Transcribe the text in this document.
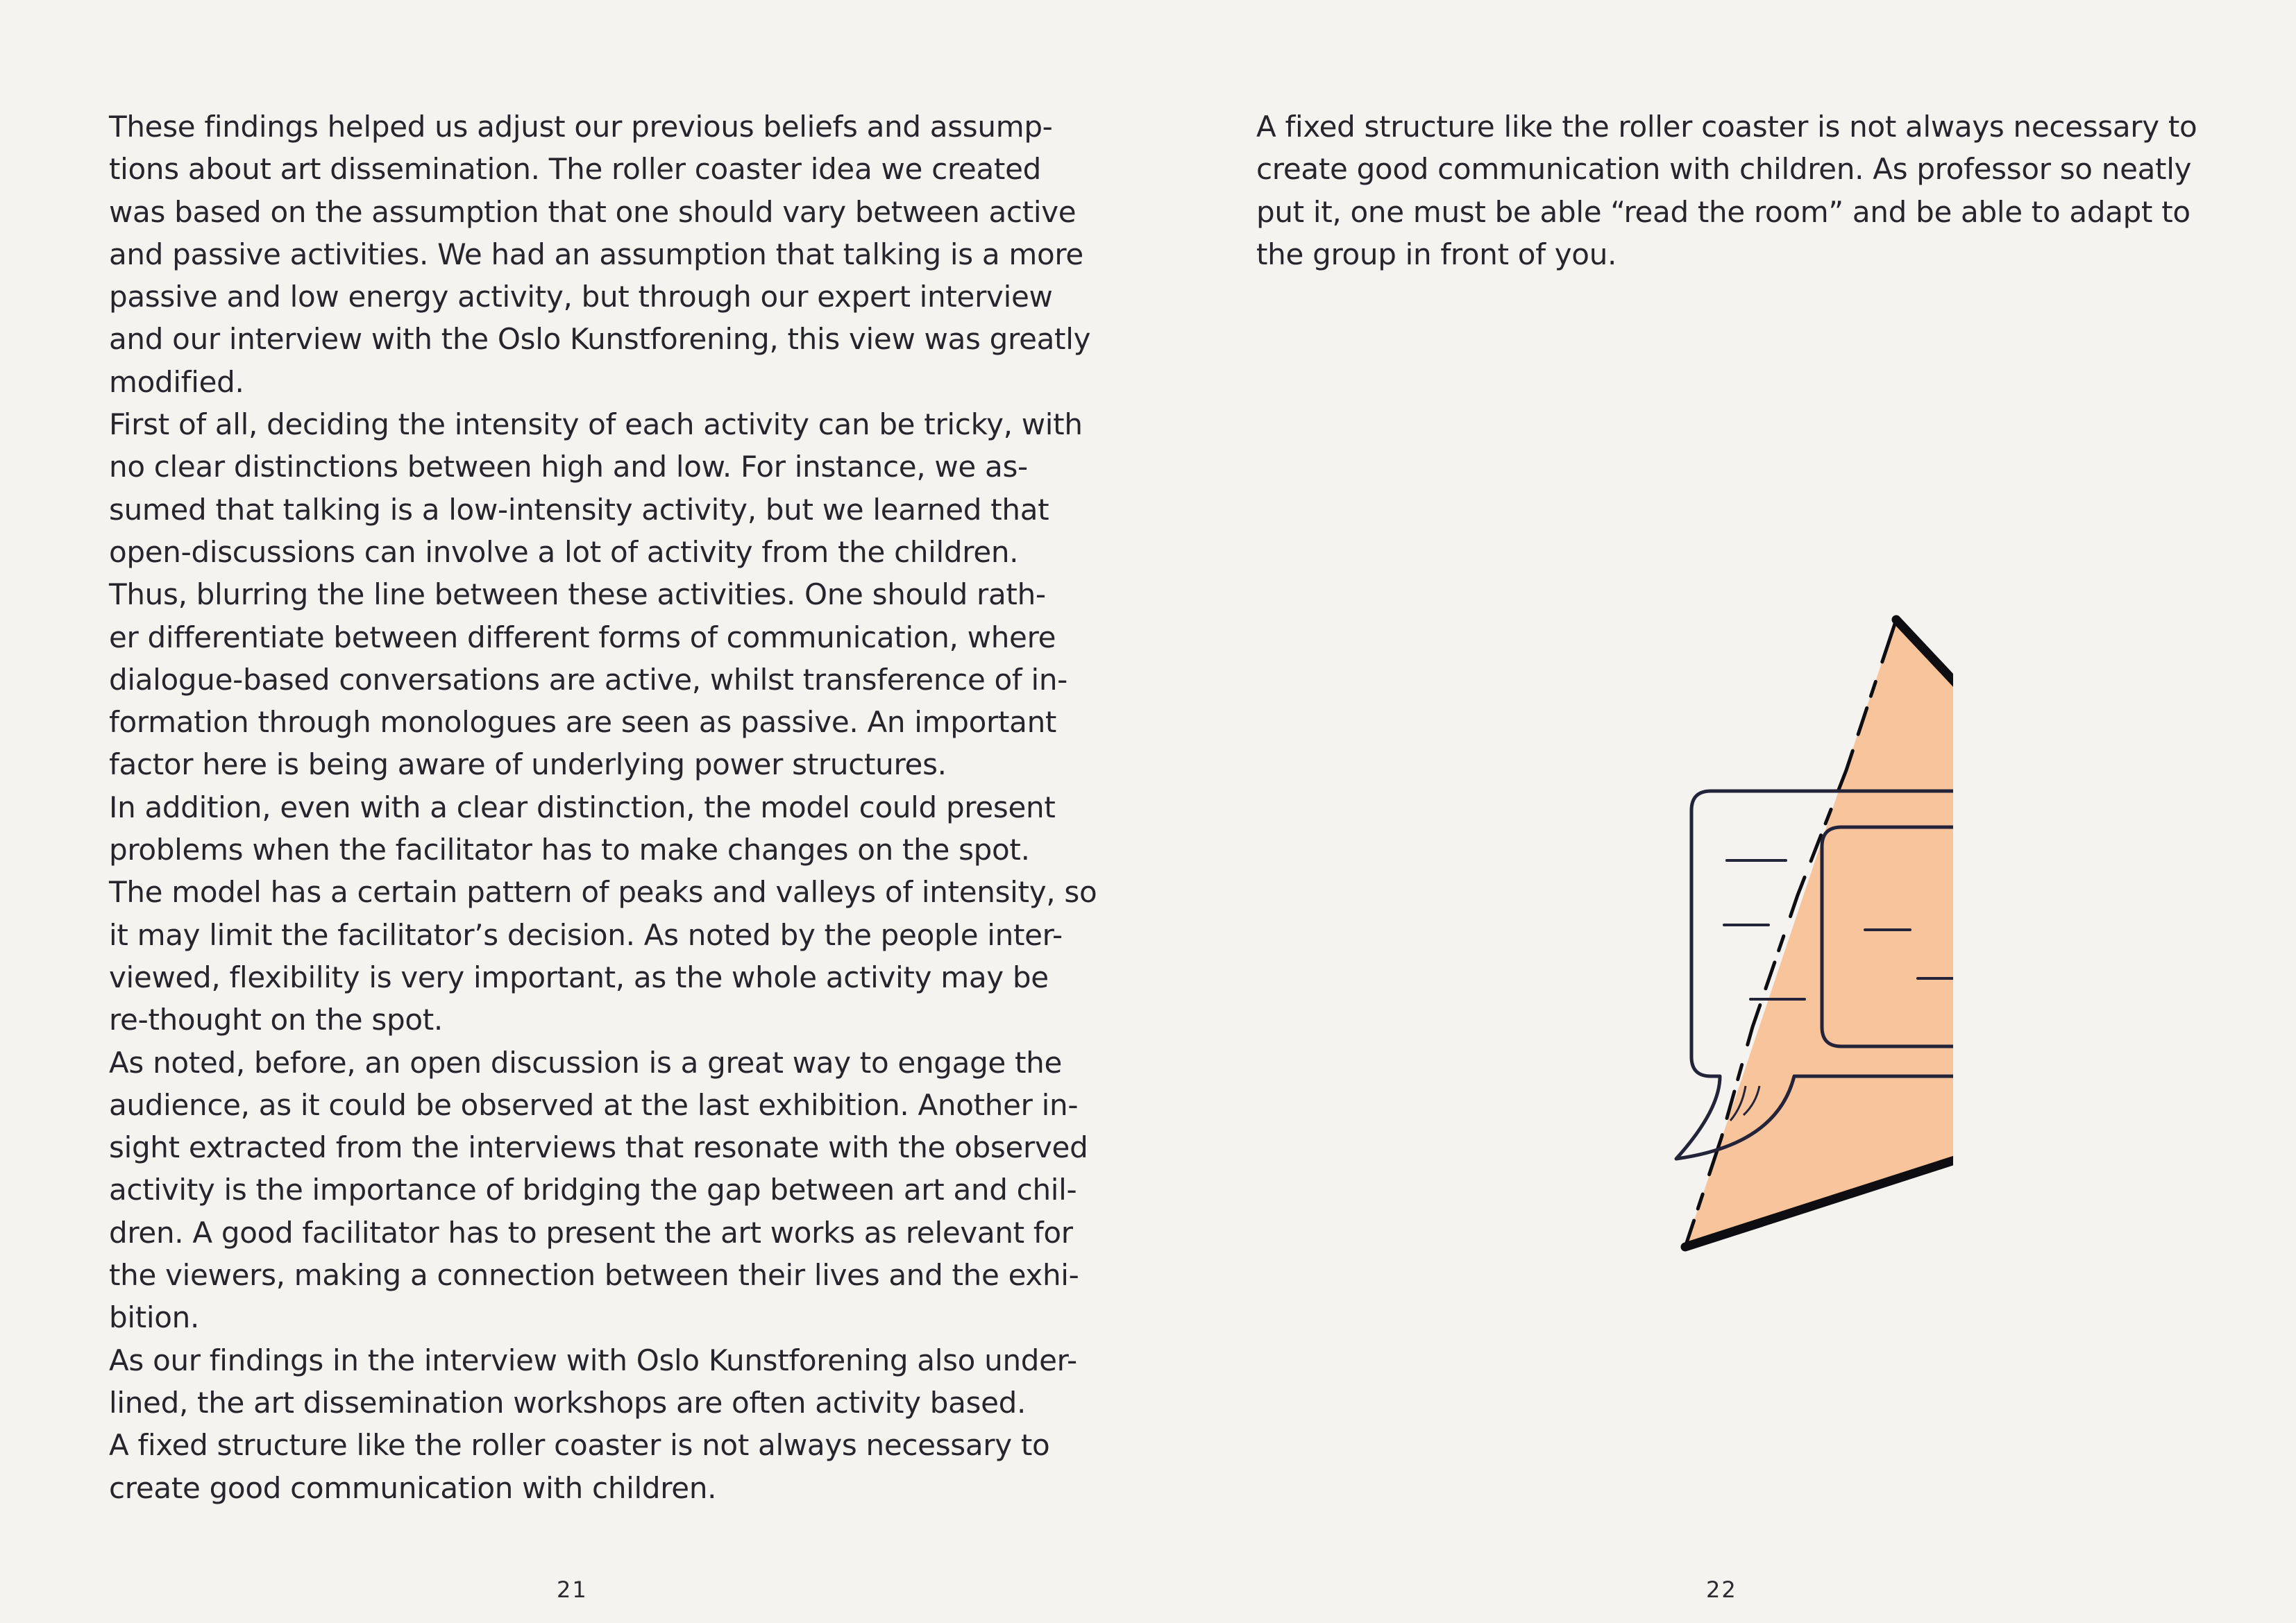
These findings helped us adjust our previous beliefs and assump-
tions about art dissemination. The roller coaster idea we created
was based on the assumption that one should vary between active
and passive activities. We had an assumption that talking is a more
passive and low energy activity, but through our expert interview
and our interview with the Oslo Kunstforening, this view was greatly
modified.
First of all, deciding the intensity of each activity can be tricky, with
no clear distinctions between high and low. For instance, we as-
sumed that talking is a low-intensity activity, but we learned that
open-discussions can involve a lot of activity from the children.
Thus, blurring the line between these activities. One should rath-
er differentiate between different forms of communication, where
dialogue-based conversations are active, whilst transference of in-
formation through monologues are seen as passive. An important
factor here is being aware of underlying power structures.
In addition, even with a clear distinction, the model could present
problems when the facilitator has to make changes on the spot.
The model has a certain pattern of peaks and valleys of intensity, so
it may limit the facilitator’s decision. As noted by the people inter-
viewed, flexibility is very important, as the whole activity may be
re-thought on the spot.
As noted, before, an open discussion is a great way to engage the
audience, as it could be observed at the last exhibition. Another in-
sight extracted from the interviews that resonate with the observed
activity is the importance of bridging the gap between art and chil-
dren. A good facilitator has to present the art works as relevant for
the viewers, making a connection between their lives and the exhi-
bition.
As our findings in the interview with Oslo Kunstforening also under-
lined, the art dissemination workshops are often activity based.
A fixed structure like the roller coaster is not always necessary to
create good communication with children.
21
A fixed structure like the roller coaster is not always necessary to
create good communication with children. As professor so neatly
put it, one must be able “read the room” and be able to adapt to
the group in front of you.
22
